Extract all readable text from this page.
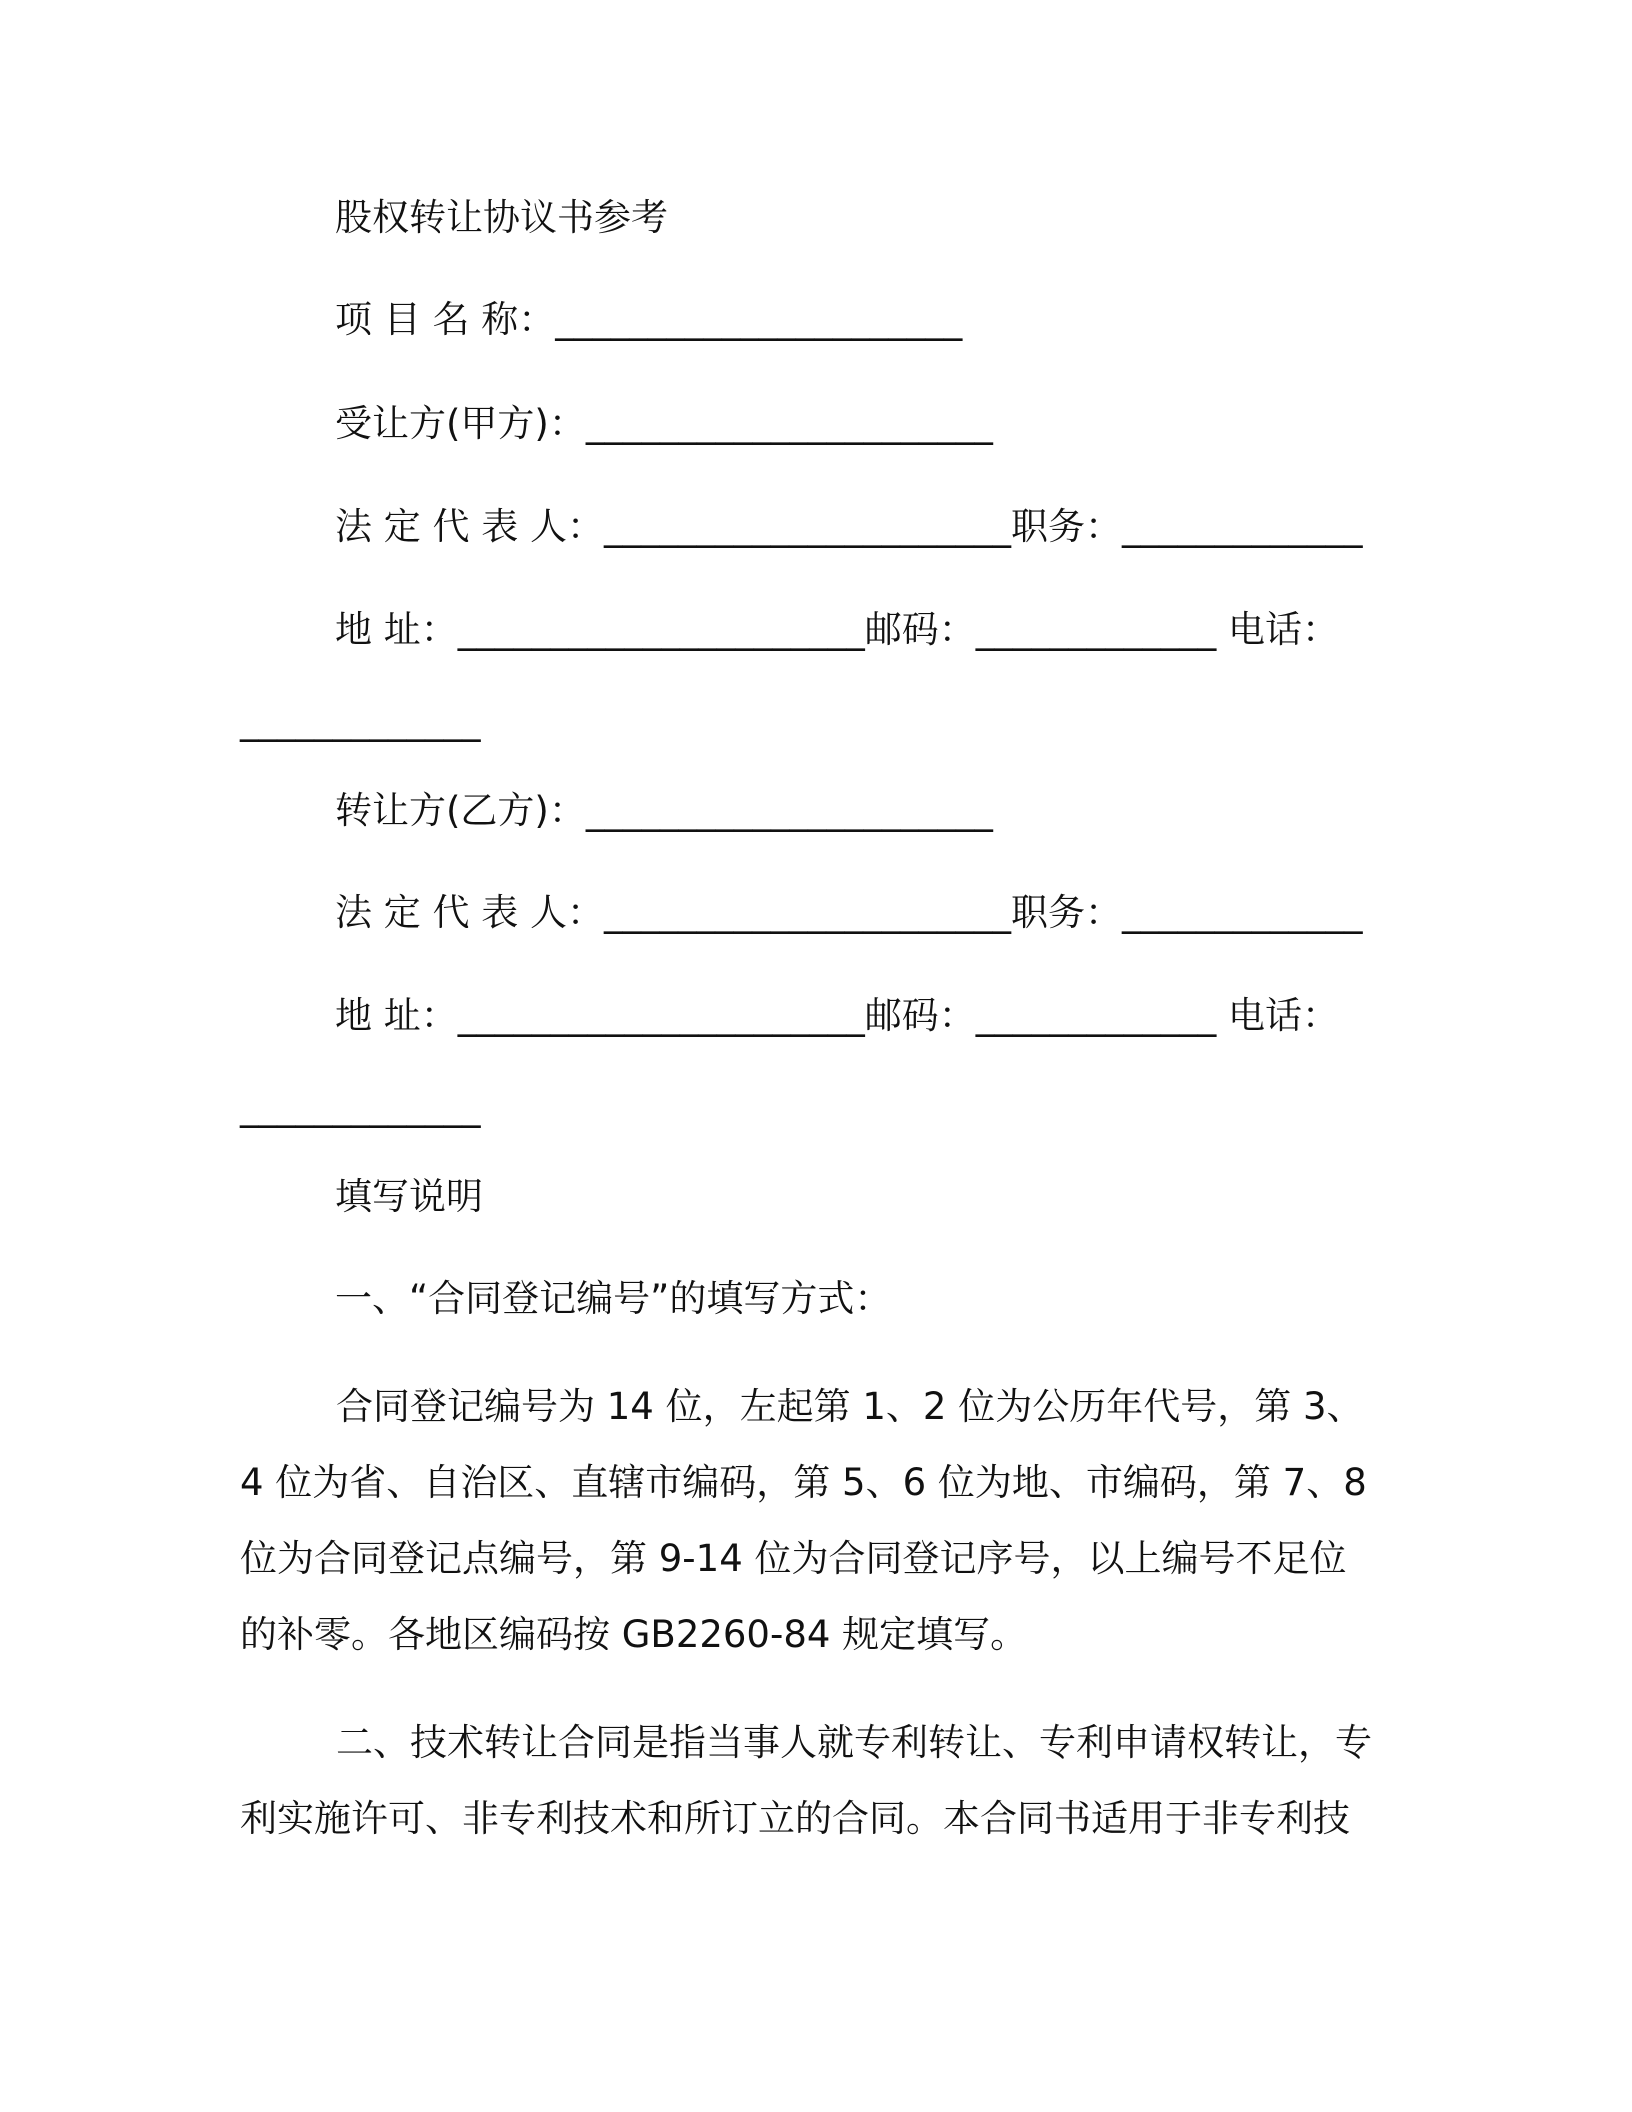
股权转让协议书参考
项 目 名 称：______________________
受让方(甲方)：______________________
法 定 代 表 人：______________________职务：_____________
地 址：______________________邮码：_____________ 电话：
_____________
转让方(乙方)：______________________
法 定 代 表 人：______________________职务：_____________
地 址：______________________邮码：_____________ 电话：
_____________
填写说明
一、“合同登记编号”的填写方式：
合同登记编号为 14 位，左起第 1、2 位为公历年代号，第 3、4 位为省、自治区、直辖市编码，第 5、6 位为地、市编码，第 7、8 位为合同登记点编号，第 9-14 位为合同登记序号，以上编号不足位的补零。各地区编码按 GB2260-84 规定填写。
二、技术转让合同是指当事人就专利转让、专利申请权转让，专利实施许可、非专利技术和所订立的合同。本合同书适用于非专利技
